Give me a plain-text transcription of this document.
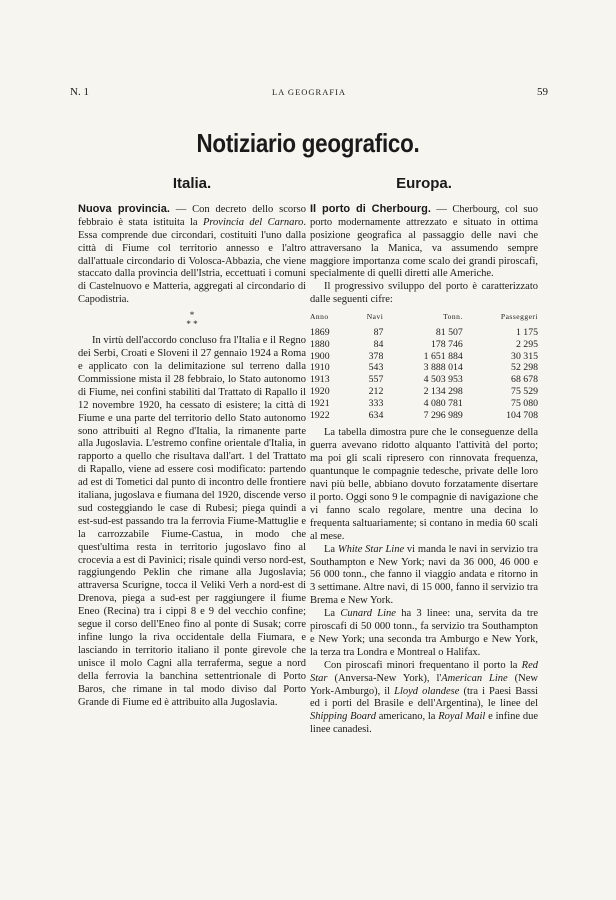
N. 1	LA GEOGRAFIA	59
Notiziario geografico.
Italia.

Nuova provincia. — Con decreto dello scorso febbraio è stata istituita la Provincia del Carnaro. Essa comprende due circondari, costituiti l'uno dalla città di Fiume col territorio annesso e l'altro dall'attuale circondario di Volosca-Abbazia, che viene staccato dalla provincia dell'Istria, eccettuati i comuni di Castelnuovo e Matteria, aggregati al circondario di Capodistria.

*
* *

In virtù dell'accordo concluso fra l'Italia e il Regno dei Serbi, Croati e Sloveni il 27 gennaio 1924 a Roma e applicato con la delimitazione sul terreno dalla Commissione mista il 28 febbraio, lo Stato autonomo di Fiume, nei confini stabiliti dal Trattato di Rapallo il 12 novembre 1920, ha cessato di esistere; la città di Fiume e una parte del territorio dello Stato autonomo sono attribuiti al Regno d'Italia, la rimanente parte alla Jugoslavia. L'estremo confine orientale d'Italia, in rapporto a quello che risultava dall'art. 1 del Trattato di Rapallo, viene ad essere così modificato: partendo ad est di Tometici dal punto di incontro delle frontiere italiana, jugoslava e fiumana del 1920, discende verso sud costeggiando le case di Rubesi; piega quindi a est-sud-est passando tra la ferrovia Fiume-Mattuglie e la carrozzabile Fiume-Castua, in modo che quest'ultima resta in territorio jugoslavo fino al crocevia a est di Pavinici; risale quindi verso nord-est, raggiungendo Peklin che rimane alla Jugoslavia; attraversa Scurigne, tocca il Veliki Verh a nord-est di Drenova, piega a sud-est per raggiungere il fiume Eneo (Recina) tra i cippi 8 e 9 del vecchio confine; segue il corso dell'Eneo fino al ponte di Susak; corre infine lungo la riva occidentale della Fiumara, e lasciando in territorio italiano il ponte girevole che unisce il molo Cagni alla terraferma, segue a nord della ferrovia la banchina settentrionale di Porto Baros, che rimane in tal modo diviso dal Porto Grande di Fiume ed è attribuito alla Jugoslavia.

Europa.

Il porto di Cherbourg. — Cherbourg, col suo porto modernamente attrezzato e situato in ottima posizione geografica al passaggio delle navi che attraversano la Manica, va assumendo sempre maggiore importanza come scalo dei grandi piroscafi, specialmente di quelli diretti alle Americhe.

Il progressivo sviluppo del porto è caratterizzato dalle seguenti cifre:

Anno	Navi	Tonn.	Passeggeri
1869	87	81 507	1 175
1880	84	178 746	2 295
1900	378	1 651 884	30 315
1910	543	3 888 014	52 298
1913	557	4 503 953	68 678
1920	212	2 134 298	75 529
1921	333	4 080 781	75 080
1922	634	7 296 989	104 708

La tabella dimostra pure che le conseguenze della guerra avevano ridotto alquanto l'attività del porto; ma poi gli scali ripresero con rinnovata frequenza, quantunque le compagnie tedesche, private delle loro navi più belle, abbiano dovuto forzatamente disertare il porto. Oggi sono 9 le compagnie di navigazione che vi fanno scalo regolare, mentre una decina lo frequenta saltuariamente; si contano in media 60 scali al mese.

La White Star Line vi manda le navi in servizio tra Southampton e New York; navi da 36 000, 46 000 e 56 000 tonn., che fanno il viaggio andata e ritorno in 3 settimane. Altre navi, di 15 000, fanno il servizio tra Brema e New York.

La Cunard Line ha 3 linee: una, servita da tre piroscafi di 50 000 tonn., fa servizio tra Southampton e New York; una seconda tra Amburgo e New York, la terza tra Londra e Montreal o Halifax.

Con piroscafi minori frequentano il porto la Red Star (Anversa-New York), l'American Line (New York-Amburgo), il Lloyd olandese (tra i Paesi Bassi ed i porti del Brasile e dell'Argentina), le linee del Shipping Board americano, la Royal Mail e infine due linee canadesi.
